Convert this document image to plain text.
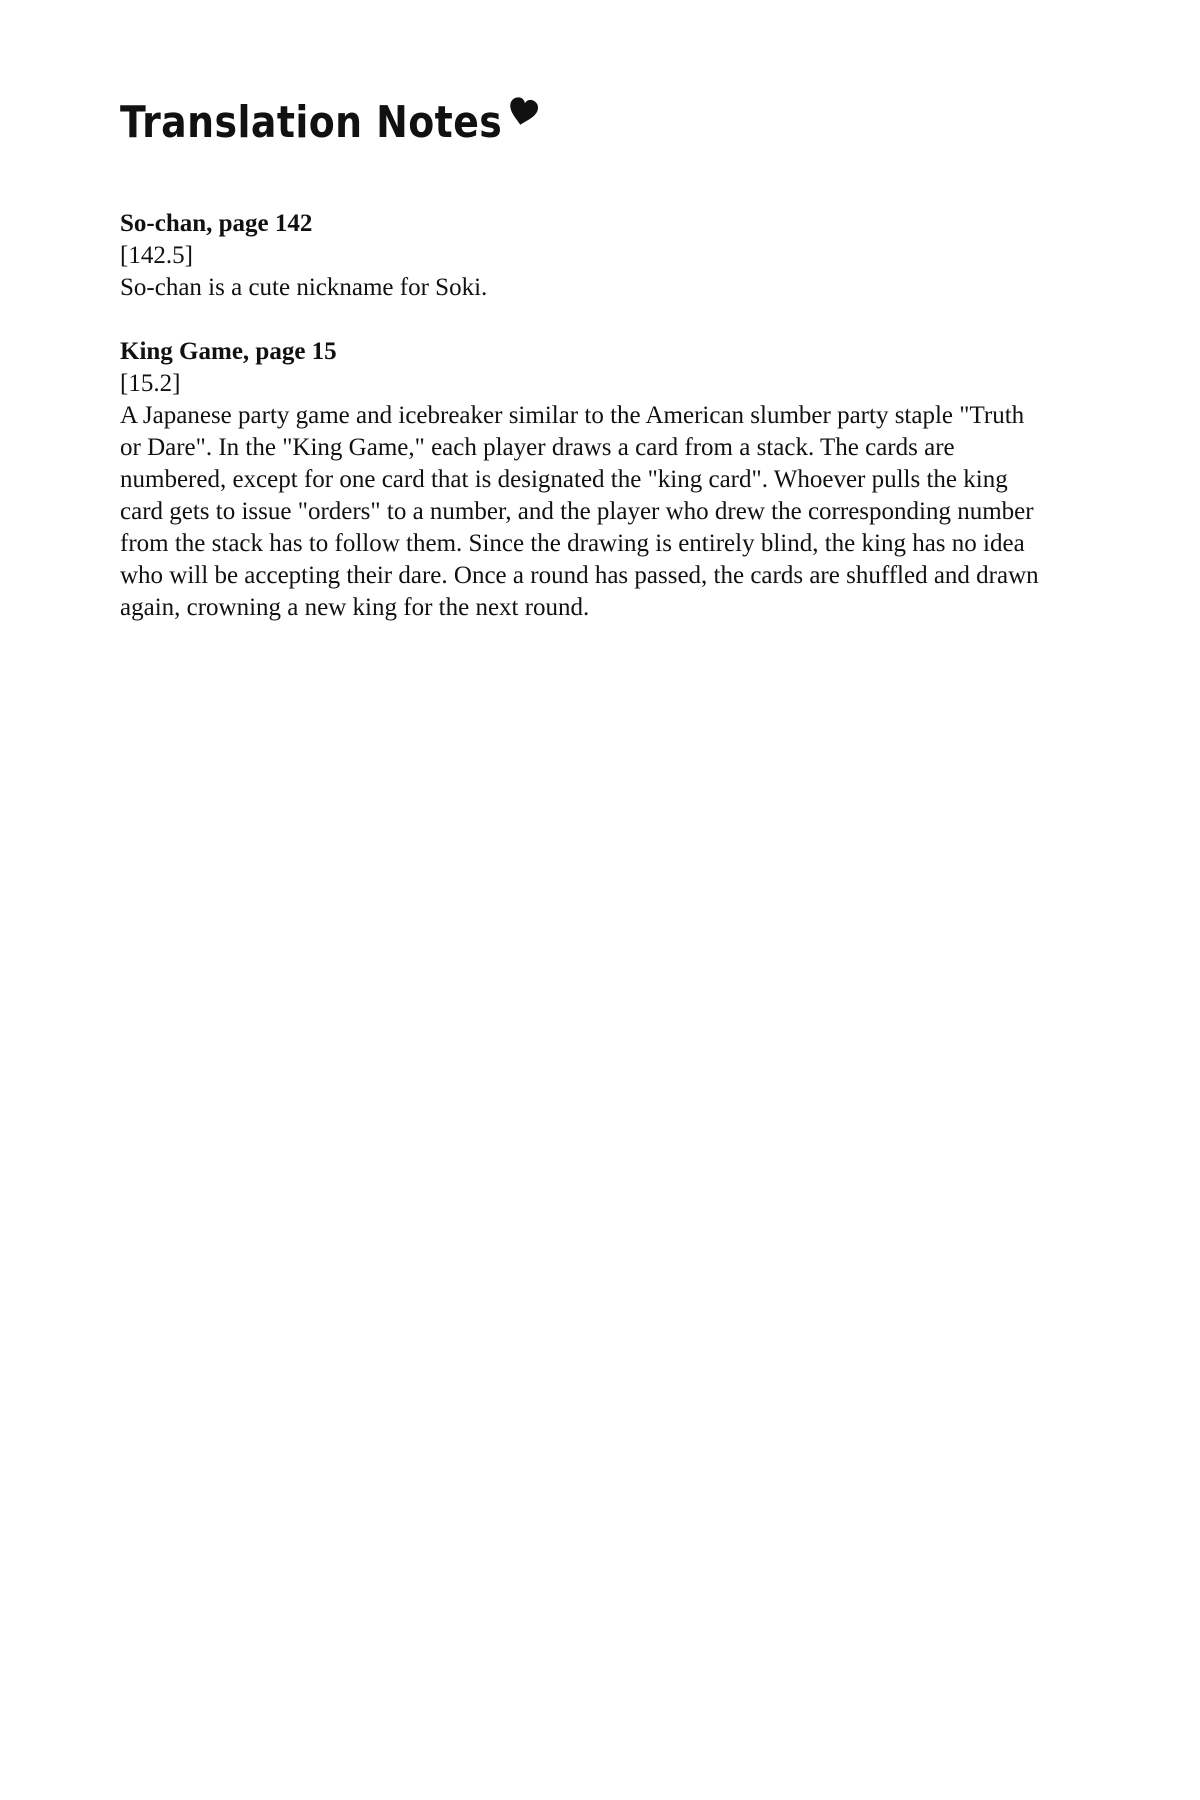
Translation Notes
So-chan, page 142
[142.5]
So-chan is a cute nickname for Soki.
King Game, page 15
[15.2]
A Japanese party game and icebreaker similar to the American slumber party staple "Truth or Dare". In the "King Game," each player draws a card from a stack. The cards are numbered, except for one card that is designated the "king card". Whoever pulls the king card gets to issue "orders" to a number, and the player who drew the corresponding number from the stack has to follow them. Since the drawing is entirely blind, the king has no idea who will be accepting their dare. Once a round has passed, the cards are shuffled and drawn again, crowning a new king for the next round.
